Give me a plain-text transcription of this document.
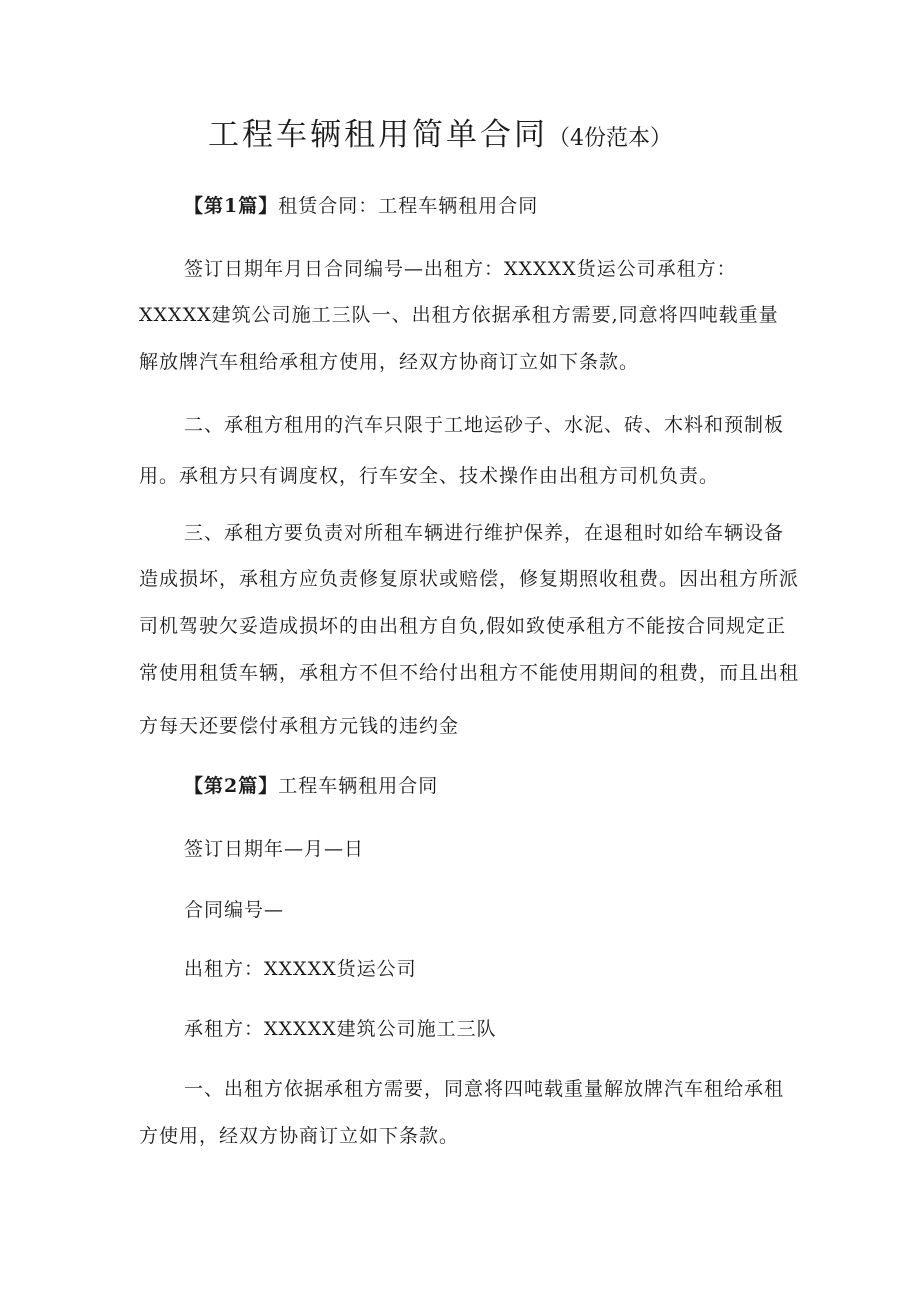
工程车辆租用简单合同（4份范本）
【第1篇】租赁合同：工程车辆租用合同
签订日期年月日合同编号—出租方：XXXXX货运公司承租方：
XXXXX建筑公司施工三队一、出租方依据承租方需要,同意将四吨载重量
解放牌汽车租给承租方使用，经双方协商订立如下条款。
二、承租方租用的汽车只限于工地运砂子、水泥、砖、木料和预制板
用。承租方只有调度权，行车安全、技术操作由出租方司机负责。
三、承租方要负责对所租车辆进行维护保养，在退租时如给车辆设备
造成损坏，承租方应负责修复原状或赔偿，修复期照收租费。因出租方所派
司机驾驶欠妥造成损坏的由出租方自负,假如致使承租方不能按合同规定正
常使用租赁车辆，承租方不但不给付出租方不能使用期间的租费，而且出租
方每天还要偿付承租方元钱的违约金
【第2篇】工程车辆租用合同
签订日期年—月—日
合同编号—
出租方：XXXXX货运公司
承租方：XXXXX建筑公司施工三队
一、出租方依据承租方需要，同意将四吨载重量解放牌汽车租给承租
方使用，经双方协商订立如下条款。
